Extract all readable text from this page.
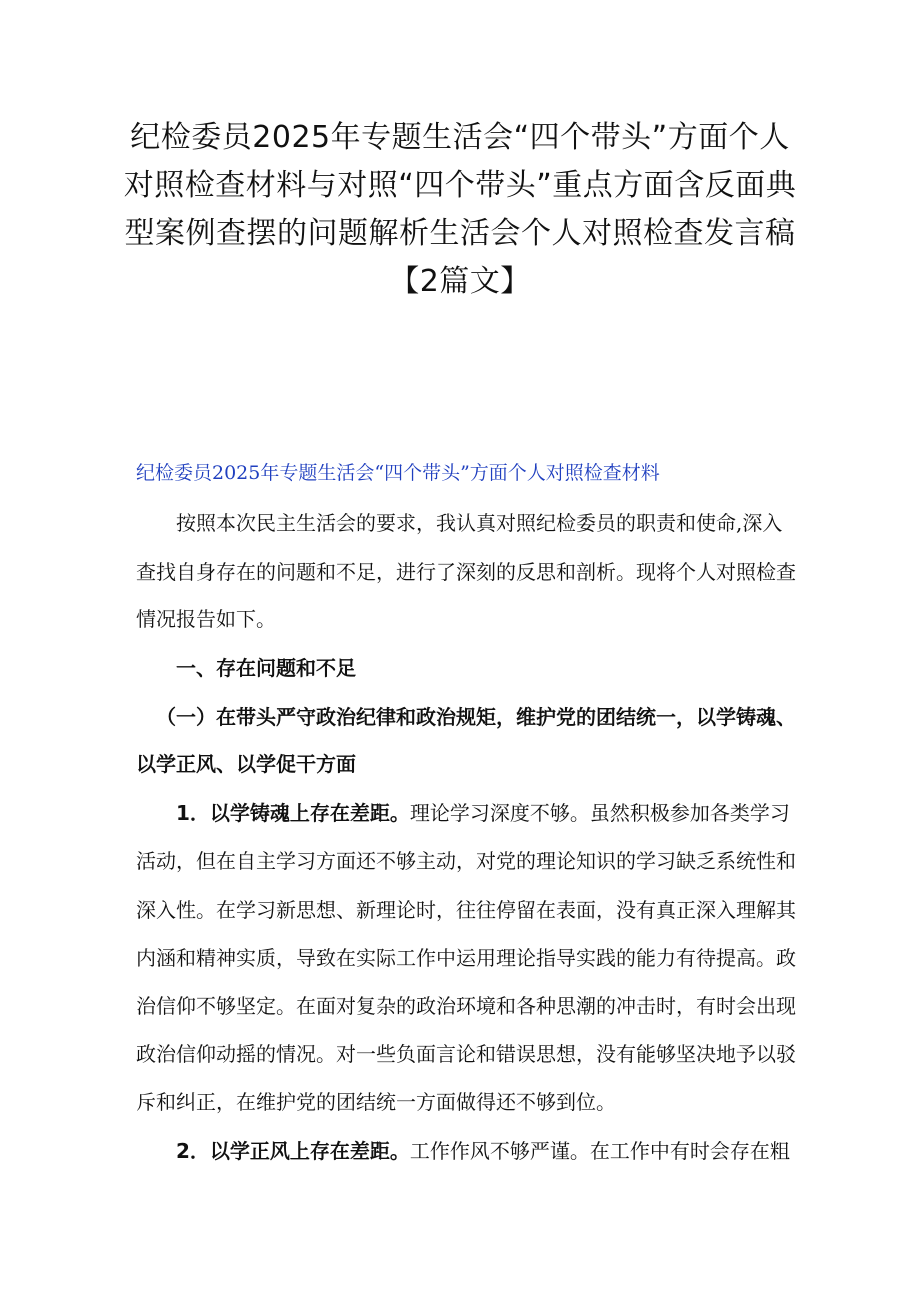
纪检委员2025年专题生活会“四个带头”方面个人
对照检查材料与对照“四个带头”重点方面含反面典
型案例查摆的问题解析生活会个人对照检查发言稿
【2篇文】
纪检委员2025年专题生活会“四个带头”方面个人对照检查材料

按照本次民主生活会的要求，我认真对照纪检委员的职责和使命,深入

查找自身存在的问题和不足，进行了深刻的反思和剖析。现将个人对照检查

情况报告如下。

一、存在问题和不足

（一）在带头严守政治纪律和政治规矩，维护党的团结统一，以学铸魂、

以学正风、以学促干方面

1．以学铸魂上存在差距。理论学习深度不够。虽然积极参加各类学习

活动，但在自主学习方面还不够主动，对党的理论知识的学习缺乏系统性和

深入性。在学习新思想、新理论时，往往停留在表面，没有真正深入理解其

内涵和精神实质，导致在实际工作中运用理论指导实践的能力有待提高。政

治信仰不够坚定。在面对复杂的政治环境和各种思潮的冲击时，有时会出现

政治信仰动摇的情况。对一些负面言论和错误思想，没有能够坚决地予以驳

斥和纠正，在维护党的团结统一方面做得还不够到位。

2．以学正风上存在差距。工作作风不够严谨。在工作中有时会存在粗
